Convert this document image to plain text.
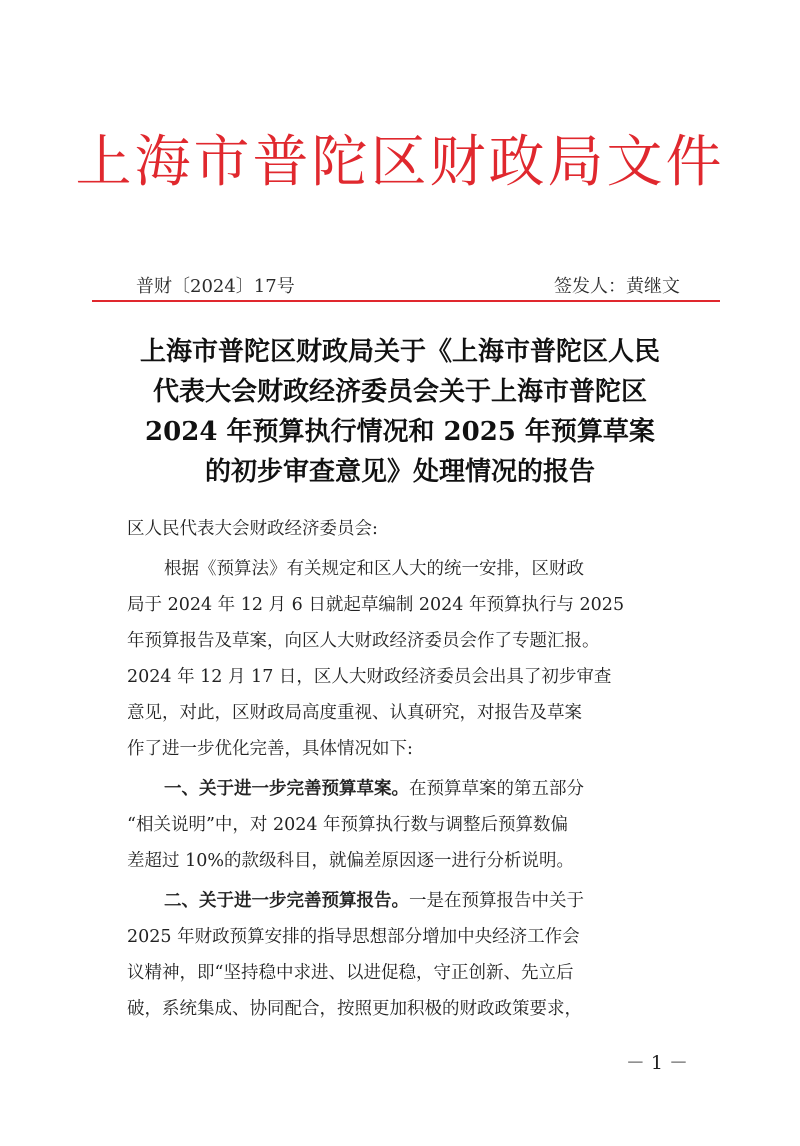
上海市普陀区财政局文件
普财〔2024〕17号	签发人：黄继文
上海市普陀区财政局关于《上海市普陀区人民
代表大会财政经济委员会关于上海市普陀区
2024 年预算执行情况和 2025 年预算草案
的初步审查意见》处理情况的报告
区人民代表大会财政经济委员会:
根据《预算法》有关规定和区人大的统一安排，区财政
局于 2024 年 12 月 6 日就起草编制 2024 年预算执行与 2025
年预算报告及草案，向区人大财政经济委员会作了专题汇报。
2024 年 12 月 17 日，区人大财政经济委员会出具了初步审查
意见，对此，区财政局高度重视、认真研究，对报告及草案
作了进一步优化完善，具体情况如下:
一、关于进一步完善预算草案。在预算草案的第五部分
“相关说明”中，对 2024 年预算执行数与调整后预算数偏
差超过 10%的款级科目，就偏差原因逐一进行分析说明。
二、关于进一步完善预算报告。一是在预算报告中关于
2025 年财政预算安排的指导思想部分增加中央经济工作会
议精神，即“坚持稳中求进、以进促稳，守正创新、先立后
破，系统集成、协同配合，按照更加积极的财政政策要求，
－ 1 －
